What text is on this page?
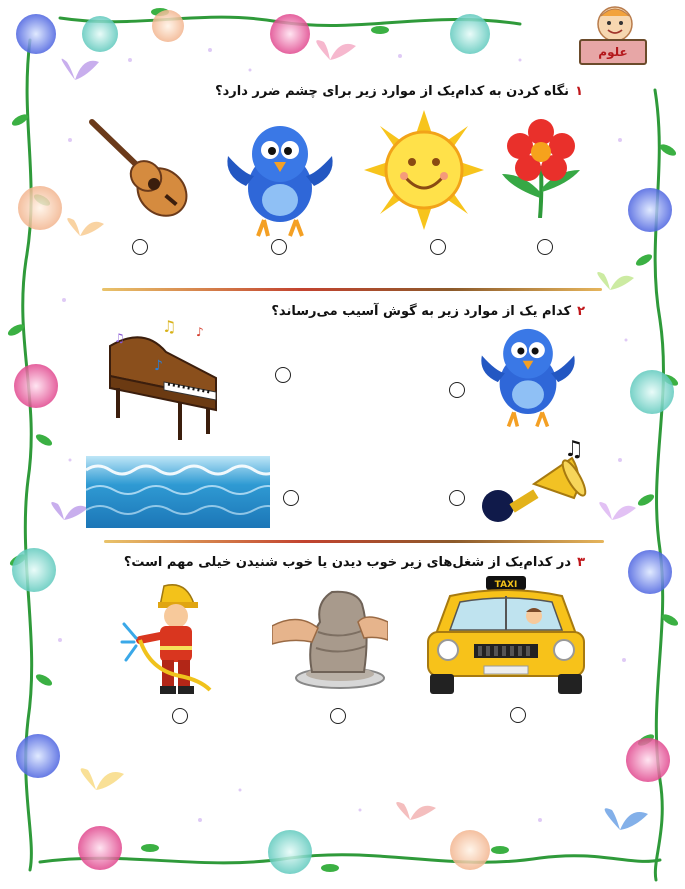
علوم
۱نگاه کردن به کدام‌یک از موارد زیر برای چشم ضرر دارد؟
۲کدام یک از موارد زیر به گوش آسیب می‌رساند؟
♫ ♪
♪
♫
♫
۳در کدام‌یک از شغل‌های زیر خوب دیدن یا خوب شنیدن خیلی مهم است؟
TAXI
